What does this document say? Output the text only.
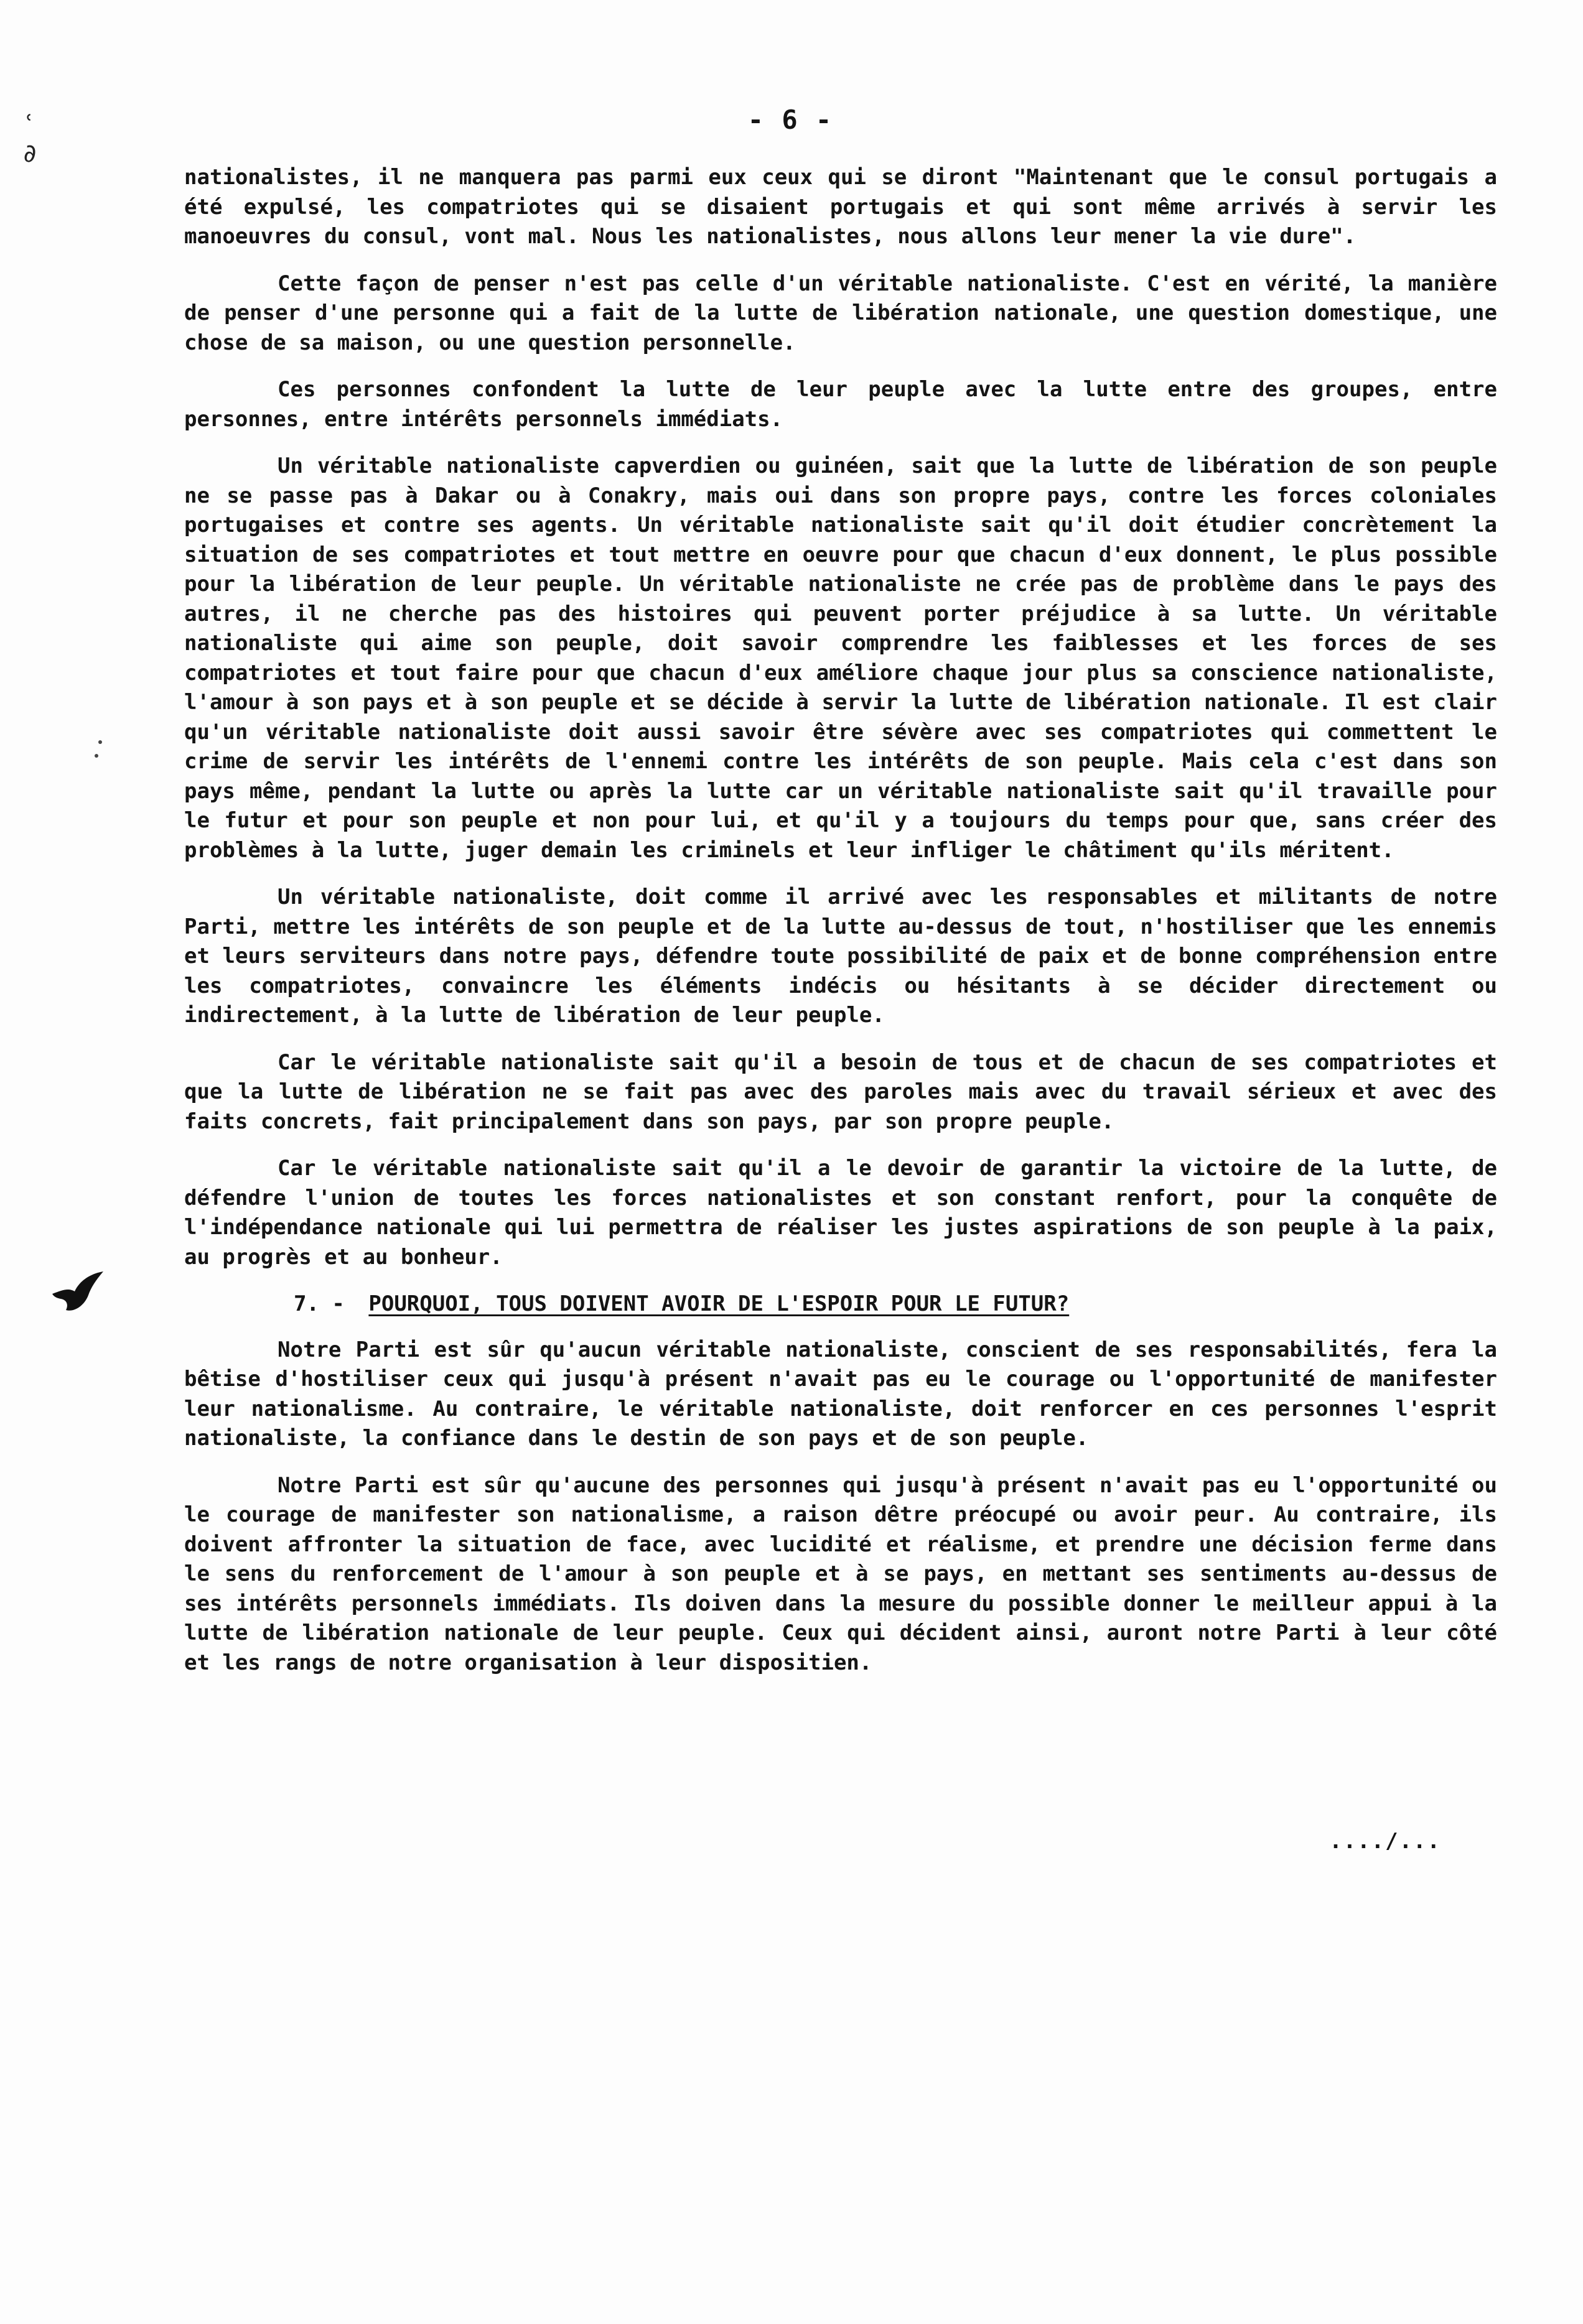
ʿ
∂
- 6 -

nationalistes, il ne manquera pas parmi eux ceux qui se diront "Maintenant que le consul portugais a été expulsé, les compatriotes qui se disaient portugais et qui sont même arrivés à servir les manoeuvres du consul, vont mal. Nous les nationalistes, nous allons leur mener la vie dure".

Cette façon de penser n'est pas celle d'un véritable nationaliste. C'est en vérité, la manière de penser d'une personne qui a fait de la lutte de libération nationale, une question domestique, une chose de sa maison, ou une question personnelle.

Ces personnes confondent la lutte de leur peuple avec la lutte entre des groupes, entre personnes, entre intérêts personnels immédiats.

Un véritable nationaliste capverdien ou guinéen, sait que la lutte de libération de son peuple ne se passe pas à Dakar ou à Conakry, mais oui dans son propre pays, contre les forces coloniales portugaises et contre ses agents. Un véritable nationaliste sait qu'il doit étudier concrètement la situation de ses compatriotes et tout mettre en oeuvre pour que chacun d'eux donnent, le plus possible pour la libération de leur peuple. Un véritable nationaliste ne crée pas de problème dans le pays des autres, il ne cherche pas des histoires qui peuvent porter préjudice à sa lutte. Un véritable nationaliste qui aime son peuple, doit savoir comprendre les faiblesses et les forces de ses compatriotes et tout faire pour que chacun d'eux améliore chaque jour plus sa conscience nationaliste, l'amour à son pays et à son peuple et se décide à servir la lutte de libération nationale. Il est clair qu'un véritable nationaliste doit aussi savoir être sévère avec ses compatriotes qui commettent le crime de servir les intérêts de l'ennemi contre les intérêts de son peuple. Mais cela c'est dans son pays même, pendant la lutte ou après la lutte car un véritable nationaliste sait qu'il travaille pour le futur et pour son peuple et non pour lui, et qu'il y a toujours du temps pour que, sans créer des problèmes à la lutte, juger demain les criminels et leur infliger le châtiment qu'ils méritent.

Un véritable nationaliste, doit comme il arrivé avec les responsables et militants de notre Parti, mettre les intérêts de son peuple et de la lutte au-dessus de tout, n'hostiliser que les ennemis et leurs serviteurs dans notre pays, défendre toute possibilité de paix et de bonne compréhension entre les compatriotes, convaincre les éléments indécis ou hésitants à se décider directement ou indirectement, à la lutte de libération de leur peuple.

Car le véritable nationaliste sait qu'il a besoin de tous et de chacun de ses compatriotes et que la lutte de libération ne se fait pas avec des paroles mais avec du travail sérieux et avec des faits concrets, fait principalement dans son pays, par son propre peuple.

Car le véritable nationaliste sait qu'il a le devoir de garantir la victoire de la lutte, de défendre l'union de toutes les forces nationalistes et son constant renfort, pour la conquête de l'indépendance nationale qui lui permettra de réaliser les justes aspirations de son peuple à la paix, au progrès et au bonheur.

7. - POURQUOI, TOUS DOIVENT AVOIR DE L'ESPOIR POUR LE FUTUR?

Notre Parti est sûr qu'aucun véritable nationaliste, conscient de ses responsabilités, fera la bêtise d'hostiliser ceux qui jusqu'à présent n'avait pas eu le courage ou l'opportunité de manifester leur nationalisme. Au contraire, le véritable nationaliste, doit renforcer en ces personnes l'esprit nationaliste, la confiance dans le destin de son pays et de son peuple.

Notre Parti est sûr qu'aucune des personnes qui jusqu'à présent n'avait pas eu l'opportunité ou le courage de manifester son nationalisme, a raison dêtre préocupé ou avoir peur. Au contraire, ils doivent affronter la situation de face, avec lucidité et réalisme, et prendre une décision ferme dans le sens du renforcement de l'amour à son peuple et à se pays, en mettant ses sentiments au-dessus de ses intérêts personnels immédiats. Ils doiven dans la mesure du possible donner le meilleur appui à la lutte de libération nationale de leur peuple. Ceux qui décident ainsi, auront notre Parti à leur côté et les rangs de notre organisation à leur dispositien.

..../...
